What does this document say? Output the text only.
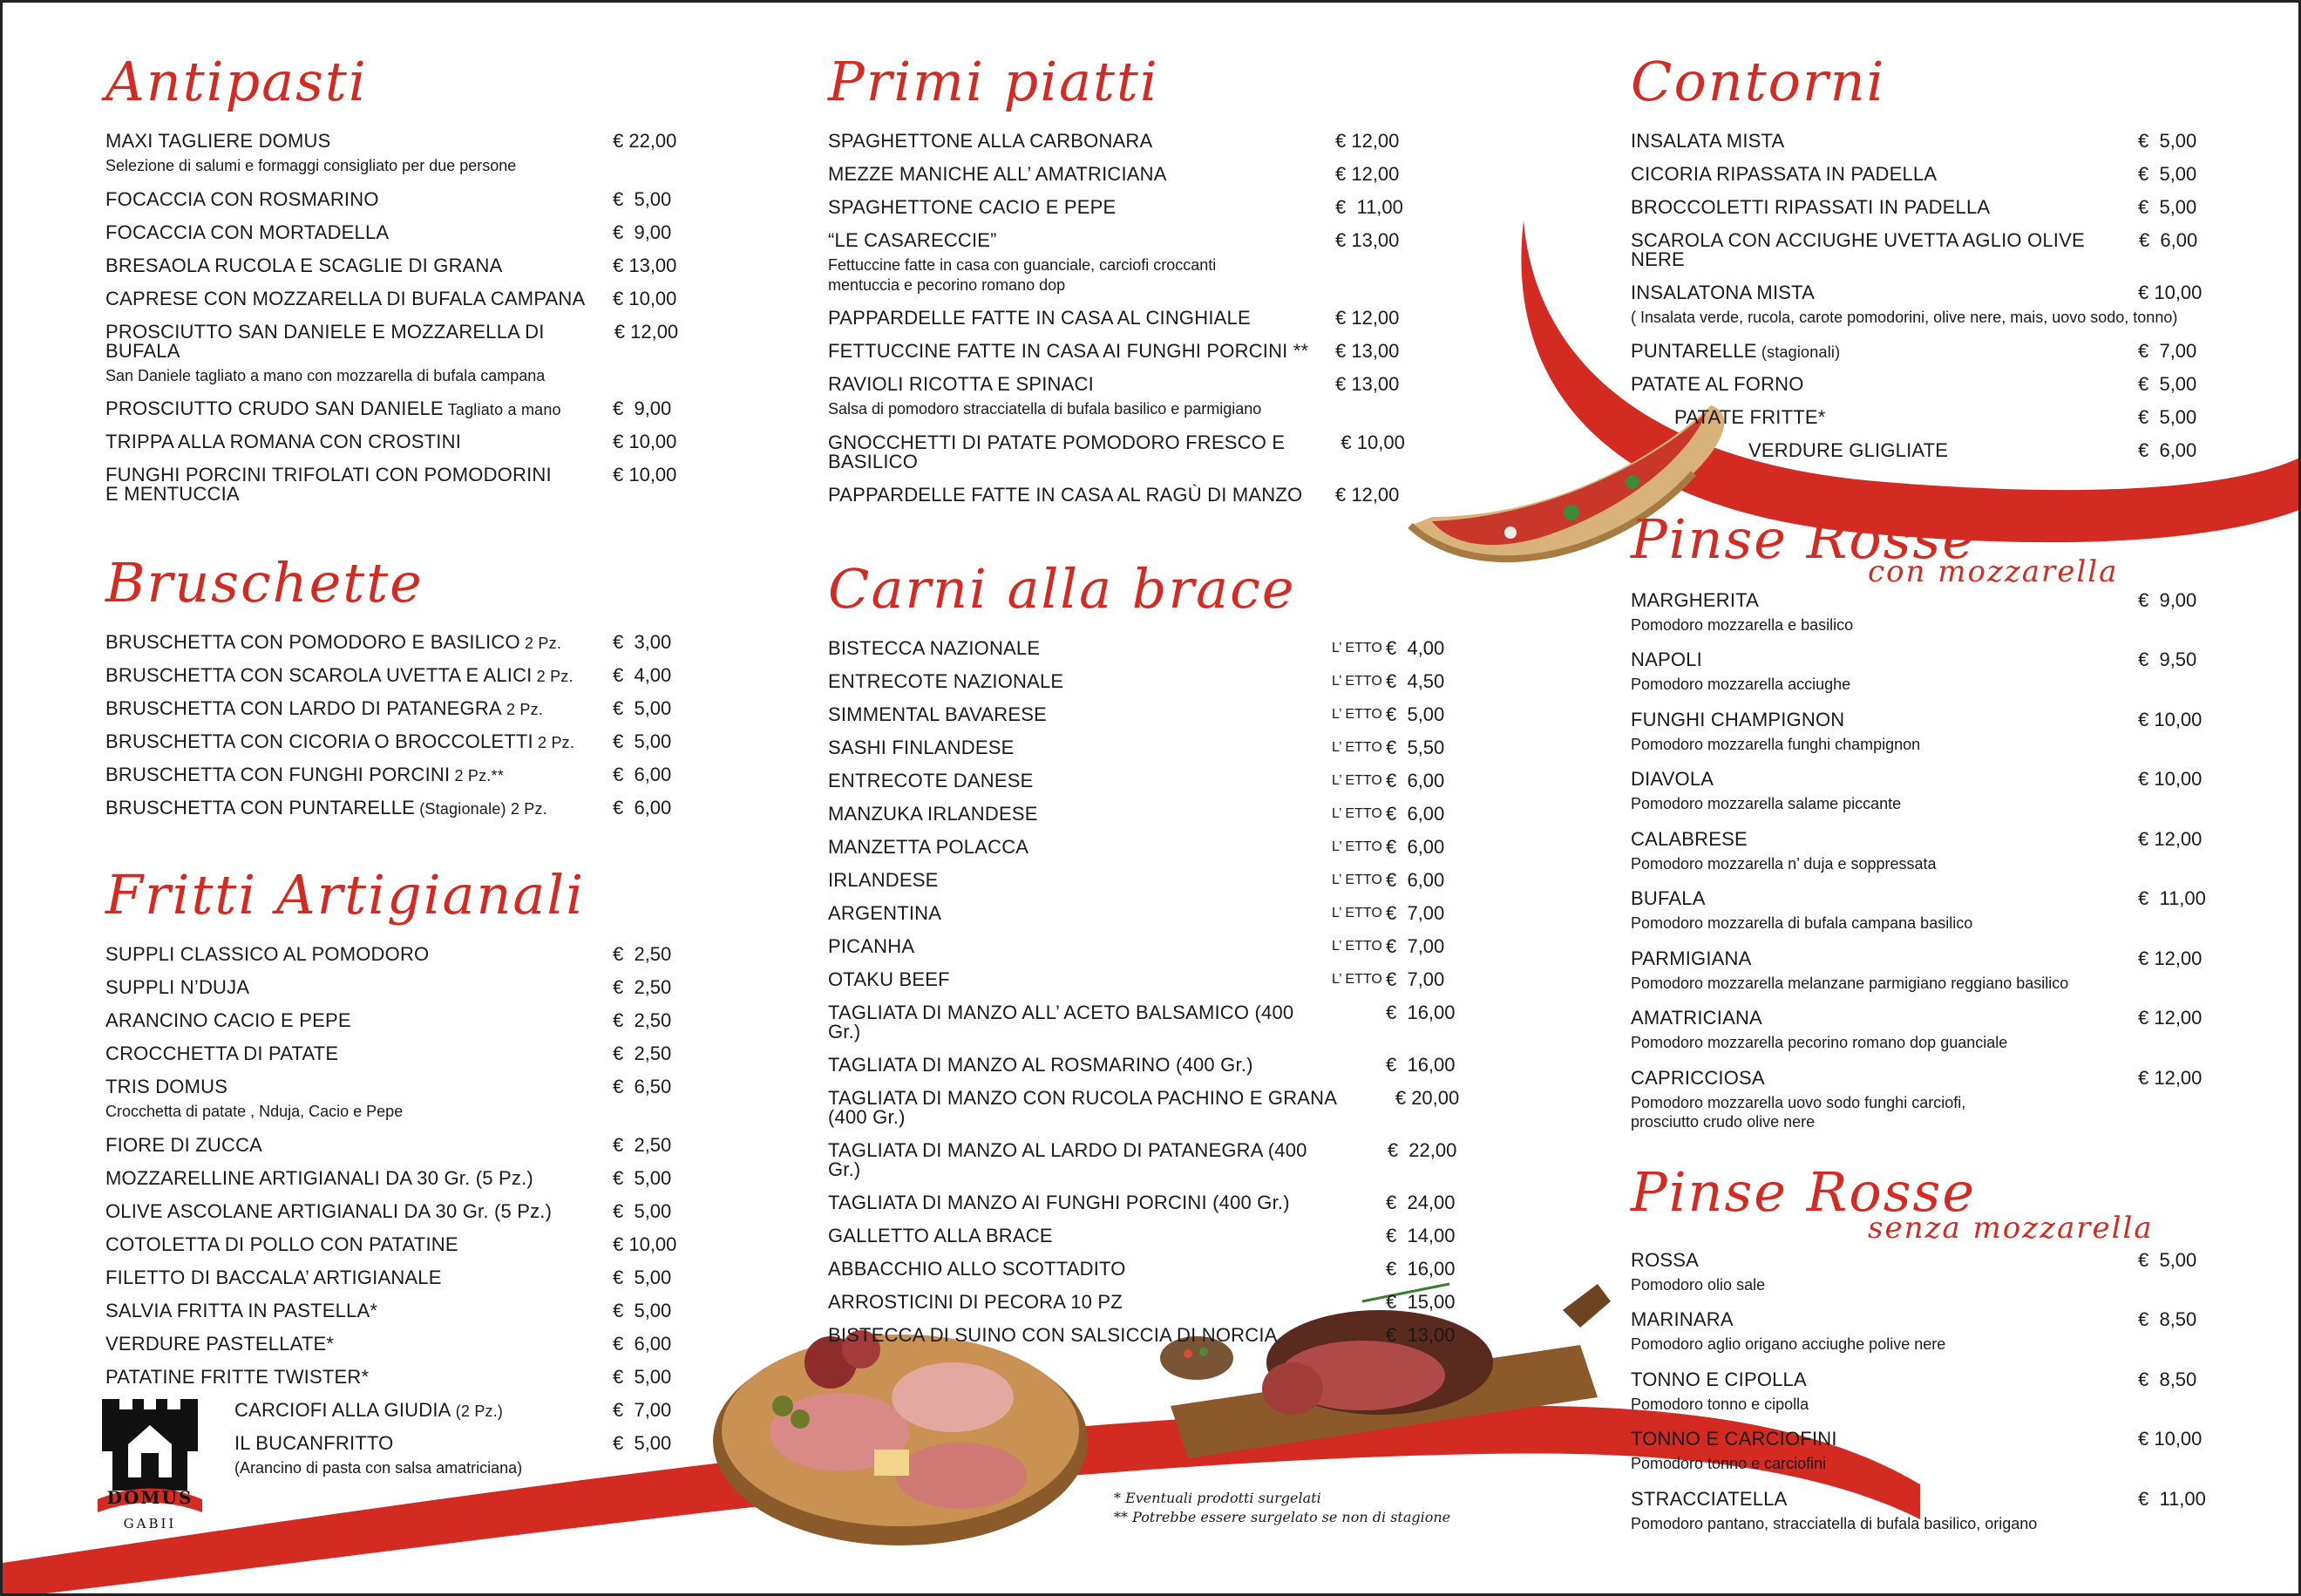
Antipasti
MAXI TAGLIERE DOMUS	€ 22,00
Selezione di salumi e formaggi consigliato per due persone
FOCACCIA CON ROSMARINO	€  5,00
FOCACCIA CON MORTADELLA	€  9,00
BRESAOLA RUCOLA E SCAGLIE DI GRANA	€ 13,00
CAPRESE CON MOZZARELLA DI BUFALA CAMPANA	€ 10,00
PROSCIUTTO SAN DANIELE E MOZZARELLA DI BUFALA
€ 12,00
San Daniele tagliato a mano con mozzarella di bufala campana
PROSCIUTTO CRUDO SAN DANIELE Tagliato a mano	€  9,00
TRIPPA ALLA ROMANA CON CROSTINI	€ 10,00
FUNGHI PORCINI TRIFOLATI CON POMODORINI
E MENTUCCIA
€ 10,00
Bruschette
BRUSCHETTA CON POMODORO E BASILICO 2 Pz.	€  3,00
BRUSCHETTA CON SCAROLA UVETTA E ALICI 2 Pz.	€  4,00
BRUSCHETTA CON LARDO DI PATANEGRA 2 Pz.	€  5,00
BRUSCHETTA CON CICORIA O BROCCOLETTI 2 Pz.	€  5,00
BRUSCHETTA CON FUNGHI PORCINI 2 Pz.**	€  6,00
BRUSCHETTA CON PUNTARELLE (Stagionale) 2 Pz.	€  6,00
Fritti Artigianali
SUPPLI CLASSICO AL POMODORO	€  2,50
SUPPLI N’DUJA	€  2,50
ARANCINO CACIO E PEPE	€  2,50
CROCCHETTA DI PATATE	€  2,50
TRIS DOMUS	€  6,50
Crocchetta di patate , Nduja, Cacio e Pepe
FIORE DI ZUCCA	€  2,50
MOZZARELLINE ARTIGIANALI DA 30 Gr. (5 Pz.)	€  5,00
OLIVE ASCOLANE ARTIGIANALI DA 30 Gr. (5 Pz.)	€  5,00
COTOLETTA DI POLLO CON PATATINE	€ 10,00
FILETTO DI BACCALA’ ARTIGIANALE	€  5,00
SALVIA FRITTA IN PASTELLA*	€  5,00
VERDURE PASTELLATE*	€  6,00
PATATINE FRITTE TWISTER*	€  5,00
CARCIOFI ALLA GIUDIA (2 Pz.)	€  7,00
IL BUCANFRITTO	€  5,00
(Arancino di pasta con salsa amatriciana)
Primi piatti
SPAGHETTONE ALLA CARBONARA	€ 12,00
MEZZE MANICHE ALL’ AMATRICIANA	€ 12,00
SPAGHETTONE CACIO E PEPE	€  11,00
“LE CASARECCIE”	€ 13,00
Fettuccine fatte in casa con guanciale, carciofi croccanti
mentuccia e pecorino romano dop
PAPPARDELLE FATTE IN CASA AL CINGHIALE	€ 12,00
FETTUCCINE FATTE IN CASA AI FUNGHI PORCINI **	€ 13,00
RAVIOLI RICOTTA E SPINACI	€ 13,00
Salsa di pomodoro stracciatella di bufala basilico e parmigiano
GNOCCHETTI DI PATATE POMODORO FRESCO E BASILICO
€ 10,00
PAPPARDELLE FATTE IN CASA AL RAGÙ DI MANZO	€ 12,00
Carni alla brace
BISTECCA NAZIONALE	L’ ETTO €  4,00
ENTRECOTE NAZIONALE	L’ ETTO €  4,50
SIMMENTAL BAVARESE	L’ ETTO €  5,00
SASHI FINLANDESE	L’ ETTO €  5,50
ENTRECOTE DANESE	L’ ETTO €  6,00
MANZUKA IRLANDESE	L’ ETTO €  6,00
MANZETTA POLACCA	L’ ETTO €  6,00
IRLANDESE	L’ ETTO €  6,00
ARGENTINA	L’ ETTO €  7,00
PICANHA	L’ ETTO €  7,00
OTAKU BEEF	L’ ETTO €  7,00
TAGLIATA DI MANZO ALL’ ACETO BALSAMICO (400 Gr.)
€  16,00
TAGLIATA DI MANZO AL ROSMARINO (400 Gr.)	€  16,00
TAGLIATA DI MANZO CON RUCOLA PACHINO E GRANA (400 Gr.)
€ 20,00
TAGLIATA DI MANZO AL LARDO DI PATANEGRA (400 Gr.)
€  22,00
TAGLIATA DI MANZO AI FUNGHI PORCINI (400 Gr.)	€  24,00
GALLETTO ALLA BRACE	€  14,00
ABBACCHIO ALLO SCOTTADITO	€  16,00
ARROSTICINI DI PECORA 10 PZ	€  15,00
BISTECCA DI SUINO CON SALSICCIA DI NORCIA	€  13,00
Contorni
INSALATA MISTA	€  5,00
CICORIA RIPASSATA IN PADELLA	€  5,00
BROCCOLETTI RIPASSATI IN PADELLA	€  5,00
SCAROLA CON ACCIUGHE UVETTA AGLIO OLIVE NERE
€  6,00
INSALATONA MISTA	€ 10,00
( Insalata verde, rucola, carote pomodorini, olive nere, mais, uovo sodo, tonno)
PUNTARELLE (stagionali)	€  7,00
PATATE AL FORNO	€  5,00
PATATE FRITTE*	€  5,00
VERDURE GLIGLIATE	€  6,00
Pinse Rosse
con mozzarella
MARGHERITA	€  9,00
Pomodoro mozzarella e basilico
NAPOLI	€  9,50
Pomodoro mozzarella acciughe
FUNGHI CHAMPIGNON	€ 10,00
Pomodoro mozzarella funghi champignon
DIAVOLA	€ 10,00
Pomodoro mozzarella salame piccante
CALABRESE	€ 12,00
Pomodoro mozzarella n’ duja e soppressata
BUFALA	€  11,00
Pomodoro mozzarella di bufala campana basilico
PARMIGIANA	€ 12,00
Pomodoro mozzarella melanzane parmigiano reggiano basilico
AMATRICIANA	€ 12,00
Pomodoro mozzarella pecorino romano dop guanciale
CAPRICCIOSA	€ 12,00
Pomodoro mozzarella uovo sodo funghi carciofi,
prosciutto crudo olive nere
Pinse Rosse
senza mozzarella
ROSSA	€  5,00
Pomodoro olio sale
MARINARA	€  8,50
Pomodoro aglio origano acciughe polive nere
TONNO E CIPOLLA	€  8,50
Pomodoro tonno e cipolla
TONNO E CARCIOFINI	€ 10,00
Pomodoro tonno e carciofini
STRACCIATELLA	€  11,00
Pomodoro pantano, stracciatella di bufala basilico, origano
* Eventuali prodotti surgelati
** Potrebbe essere surgelato se non di stagione
DOMUS
GABII
